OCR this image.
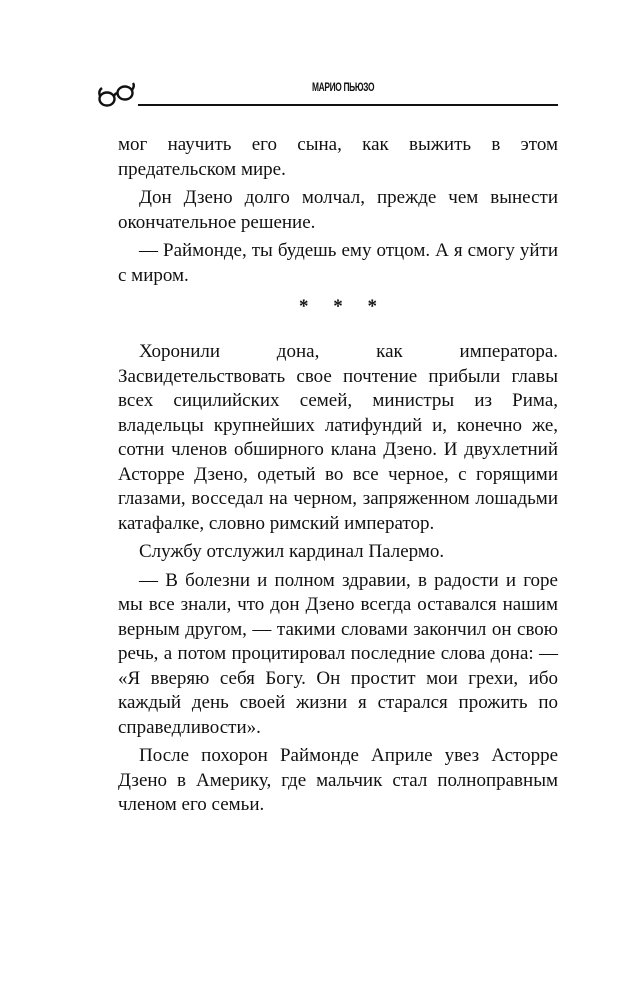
МАРИО ПЬЮЗО

мог научить его сына, как выжить в этом предательском мире.

Дон Дзено долго молчал, прежде чем вынести окончательное решение.

— Раймонде, ты будешь ему отцом. А я смогу уйти с миром.

* * *

Хоронили дона, как императора. Засвидетельствовать свое почтение прибыли главы всех сицилийских семей, министры из Рима, владельцы крупнейших латифундий и, конечно же, сотни членов обширного клана Дзено. И двухлетний Асторре Дзено, одетый во все черное, с горящими глазами, восседал на черном, запряженном лошадьми катафалке, словно римский император.

Службу отслужил кардинал Палермо.

— В болезни и полном здравии, в радости и горе мы все знали, что дон Дзено всегда оставался нашим верным другом, — такими словами закончил он свою речь, а потом процитировал последние слова дона: — «Я вверяю себя Богу. Он простит мои грехи, ибо каждый день своей жизни я старался прожить по справедливости».

После похорон Раймонде Априле увез Асторре Дзено в Америку, где мальчик стал полноправным членом его семьи.
